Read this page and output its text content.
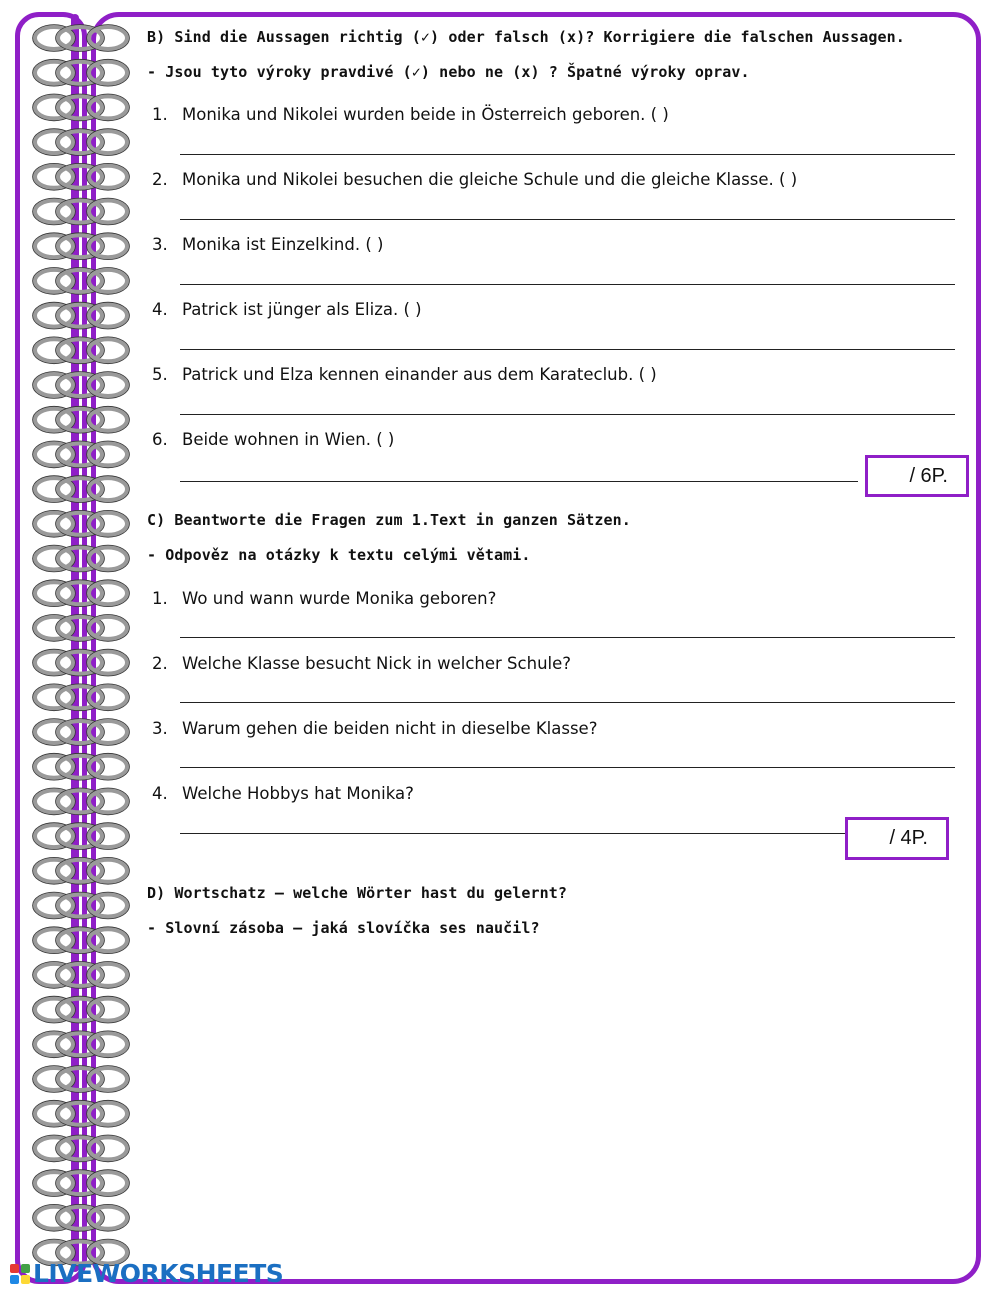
B) Sind die Aussagen richtig (✓) oder falsch (x)? Korrigiere die falschen Aussagen.
- Jsou tyto výroky pravdivé (✓) nebo ne (x) ? Špatné výroky oprav.
1. Monika und Nikolei wurden beide in Österreich geboren. ( )
2. Monika und Nikolei besuchen die gleiche Schule und die gleiche Klasse. ( )
3. Monika ist Einzelkind. ( )
4. Patrick ist jünger als Eliza. ( )
5. Patrick und Elza kennen einander aus dem Karateclub. ( )
6. Beide wohnen in Wien. ( )
/ 6P.
C) Beantworte die Fragen zum 1.Text in ganzen Sätzen.
- Odpověz na otázky k textu celými větami.
1. Wo und wann wurde Monika geboren?
2. Welche Klasse besucht Nick in welcher Schule?
3. Warum gehen die beiden nicht in dieselbe Klasse?
4. Welche Hobbys hat Monika?
/ 4P.
D) Wortschatz – welche Wörter hast du gelernt?
- Slovní zásoba – jaká slovíčka ses naučil?
LIVEWORKSHEETS
